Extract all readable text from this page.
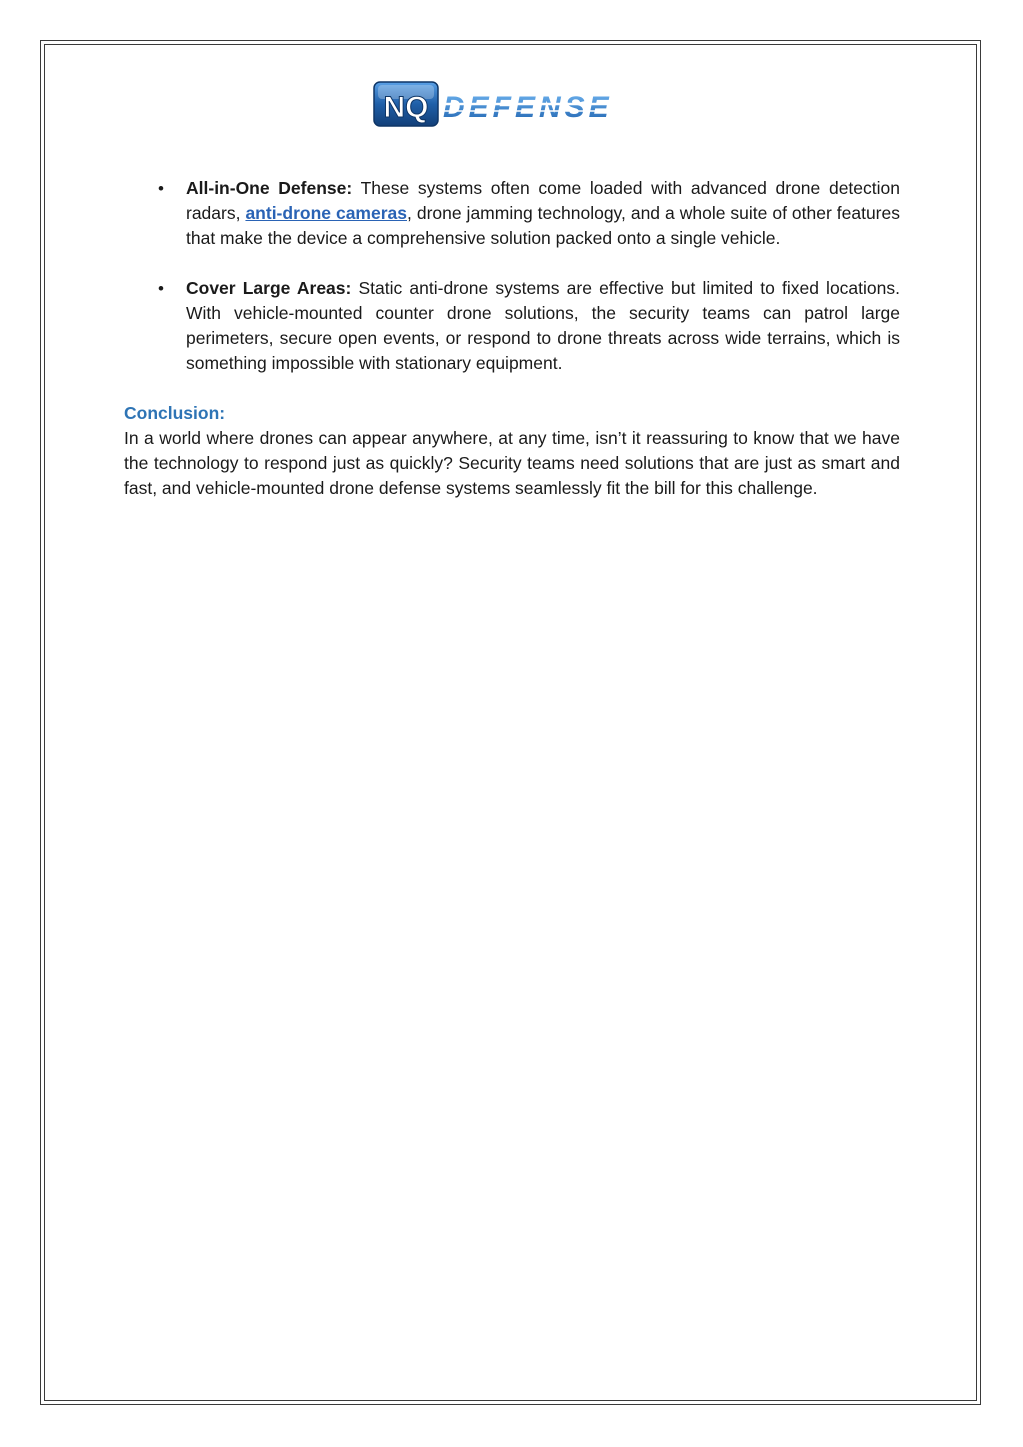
NQ DEFENSE
• All-in-One Defense: These systems often come loaded with advanced drone detection radars, anti-drone cameras, drone jamming technology, and a whole suite of other features that make the device a comprehensive solution packed onto a single vehicle.
• Cover Large Areas: Static anti-drone systems are effective but limited to fixed locations. With vehicle-mounted counter drone solutions, the security teams can patrol large perimeters, secure open events, or respond to drone threats across wide terrains, which is something impossible with stationary equipment.
Conclusion:
In a world where drones can appear anywhere, at any time, isn’t it reassuring to know that we have the technology to respond just as quickly? Security teams need solutions that are just as smart and fast, and vehicle-mounted drone defense systems seamlessly fit the bill for this challenge.
